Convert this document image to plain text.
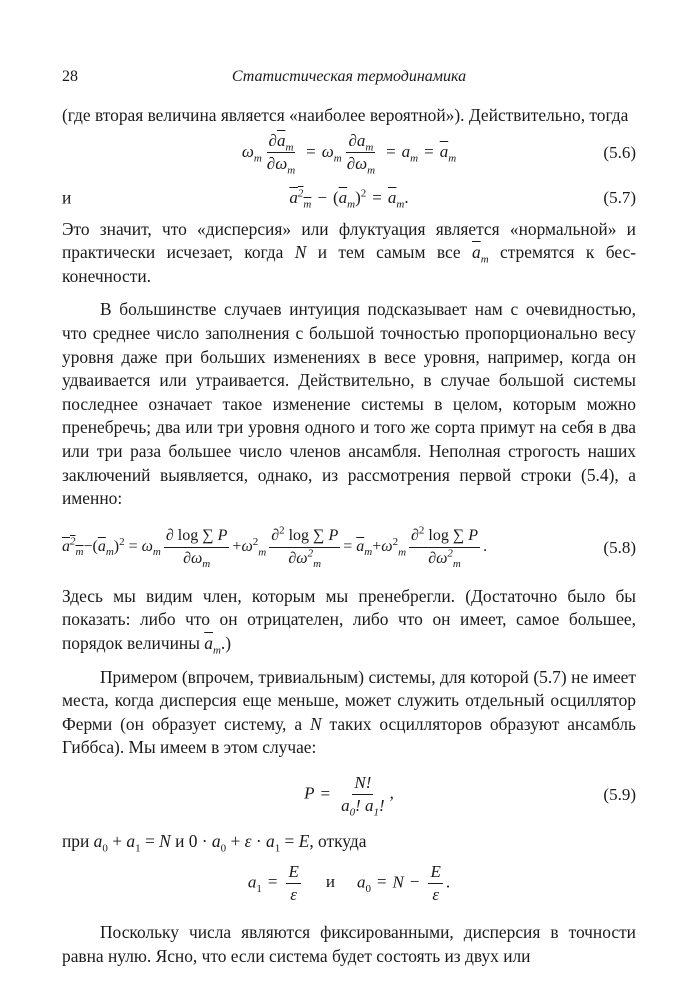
28	Статистическая термодинамика

(где вторая величина является «наиболее вероятной»). Действительно, тогда

$\omega_m \frac{\partial\overline{a}_m}{\partial\omega_m} = \omega_m \frac{\partial a_m}{\partial\omega_m} = a_m = \overline{a}_m$	(5.6)
и	$a^2_m - (\overline{a}_m)^2 = \overline{a}_m$.	(5.7)

Это значит, что «дисперсия» или флуктуация является «нормальной» и практически исчезает, когда N и тем самым все $\overline{a}_m$ стремятся к бесконечности.

В большинстве случаев интуиция подсказывает нам с очевидностью, что среднее число заполнения с большой точностью пропорционально весу уровня даже при больших изменениях в весе уровня, например, когда он удваивается или утраивается. Действительно, в случае большой системы последнее означает такое изменение системы в целом, которым можно пренебречь; два или три уровня одного и того же сорта примут на себя в два или три раза большее число членов ансамбля. Неполная строгость наших заключений выявляется, однако, из рассмотрения первой строки (5.4), а именно:

$a^2_m-(\overline{a}_m)^2 = \omega_m \frac{\partial \log \sum P}{\partial\omega_m} +\omega^2_m \frac{\partial^2 \log \sum P}{\partial\omega^2_m} = \overline{a}_m+\omega^2_m \frac{\partial^2 \log \sum P}{\partial\omega^2_m}$ .	(5.8)

Здесь мы видим член, которым мы пренебрегли. (Достаточно было бы показать: либо что он отрицателен, либо что он имеет, самое большее, порядок величины $\overline{a}_m$.)

Примером (впрочем, тривиальным) системы, для которой (5.7) не имеет места, когда дисперсия еще меньше, может служить отдельный осциллятор Ферми (он образует систему, а N таких осцилляторов образуют ансамбль Гиббса). Мы имеем в этом случае:

$P = \frac{N!}{a_0! a_1!}$ ,	(5.9)

при $a_0 + a_1 = N$ и $0 \cdot a_0 + \varepsilon \cdot a_1 = E$, откуда

$a_1 = \frac{E}{\varepsilon}$ и $a_0 = N - \frac{E}{\varepsilon}$ .

Поскольку числа являются фиксированными, дисперсия в точности равна нулю. Ясно, что если система будет состоять из двух или
